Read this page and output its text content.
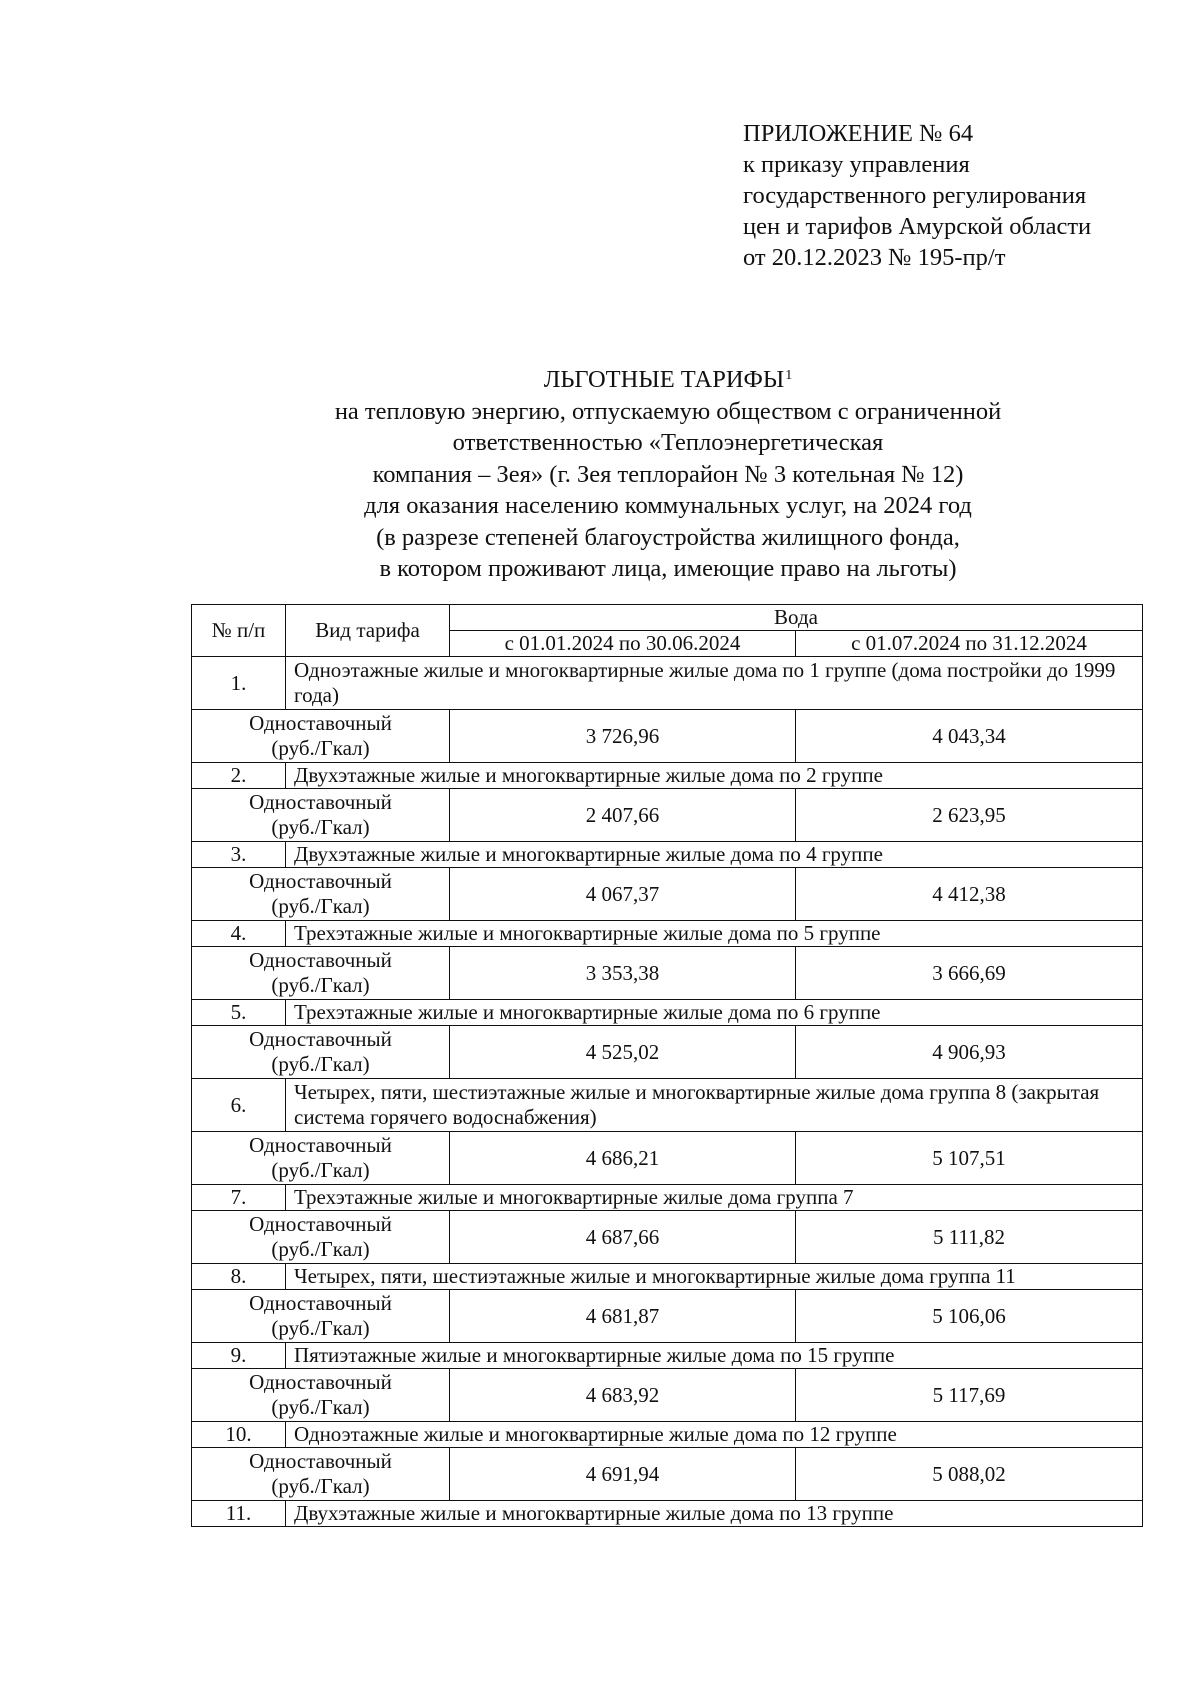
ПРИЛОЖЕНИЕ № 64
к приказу управления
государственного регулирования
цен и тарифов Амурской области
от 20.12.2023 № 195-пр/т
ЛЬГОТНЫЕ ТАРИФЫ$^1$
на тепловую энергию, отпускаемую обществом с ограниченной
ответственностью «Теплоэнергетическая
компания – Зея» (г. Зея теплорайон № 3 котельная № 12)
для оказания населению коммунальных услуг, на 2024 год
(в разрезе степеней благоустройства жилищного фонда,
в котором проживают лица, имеющие право на льготы)
№ п/п	Вид тарифа	Вода	
		с 01.01.2024 по 30.06.2024	с 01.07.2024 по 31.12.2024
1.	Одноэтажные жилые и многоквартирные жилые дома по 1 группе (дома постройки до 1999 года)		

Одноставочный
(руб./Гкал)		3 726,96	4 043,34
2.	Двухэтажные жилые и многоквартирные жилые дома по 2 группе		

Одноставочный
(руб./Гкал)		2 407,66	2 623,95
3.	Двухэтажные жилые и многоквартирные жилые дома по 4 группе		

Одноставочный
(руб./Гкал)		4 067,37	4 412,38
4.	Трехэтажные жилые и многоквартирные жилые дома по 5 группе		

Одноставочный
(руб./Гкал)		3 353,38	3 666,69
5.	Трехэтажные жилые и многоквартирные жилые дома по 6 группе		

Одноставочный
(руб./Гкал)		4 525,02	4 906,93
6.	Четырех, пяти, шестиэтажные жилые и многоквартирные жилые дома группа 8 (закрытая система горячего водоснабжения)		

Одноставочный
(руб./Гкал)		4 686,21	5 107,51
7.	Трехэтажные жилые и многоквартирные жилые дома группа 7		

Одноставочный
(руб./Гкал)		4 687,66	5 111,82
8.	Четырех, пяти, шестиэтажные жилые и многоквартирные жилые дома группа 11		

Одноставочный
(руб./Гкал)		4 681,87	5 106,06
9.	Пятиэтажные жилые и многоквартирные жилые дома по 15 группе		

Одноставочный
(руб./Гкал)		4 683,92	5 117,69
10.	Одноэтажные жилые и многоквартирные жилые дома по 12 группе		

Одноставочный
(руб./Гкал)		4 691,94	5 088,02
11.	Двухэтажные жилые и многоквартирные жилые дома по 13 группе		
